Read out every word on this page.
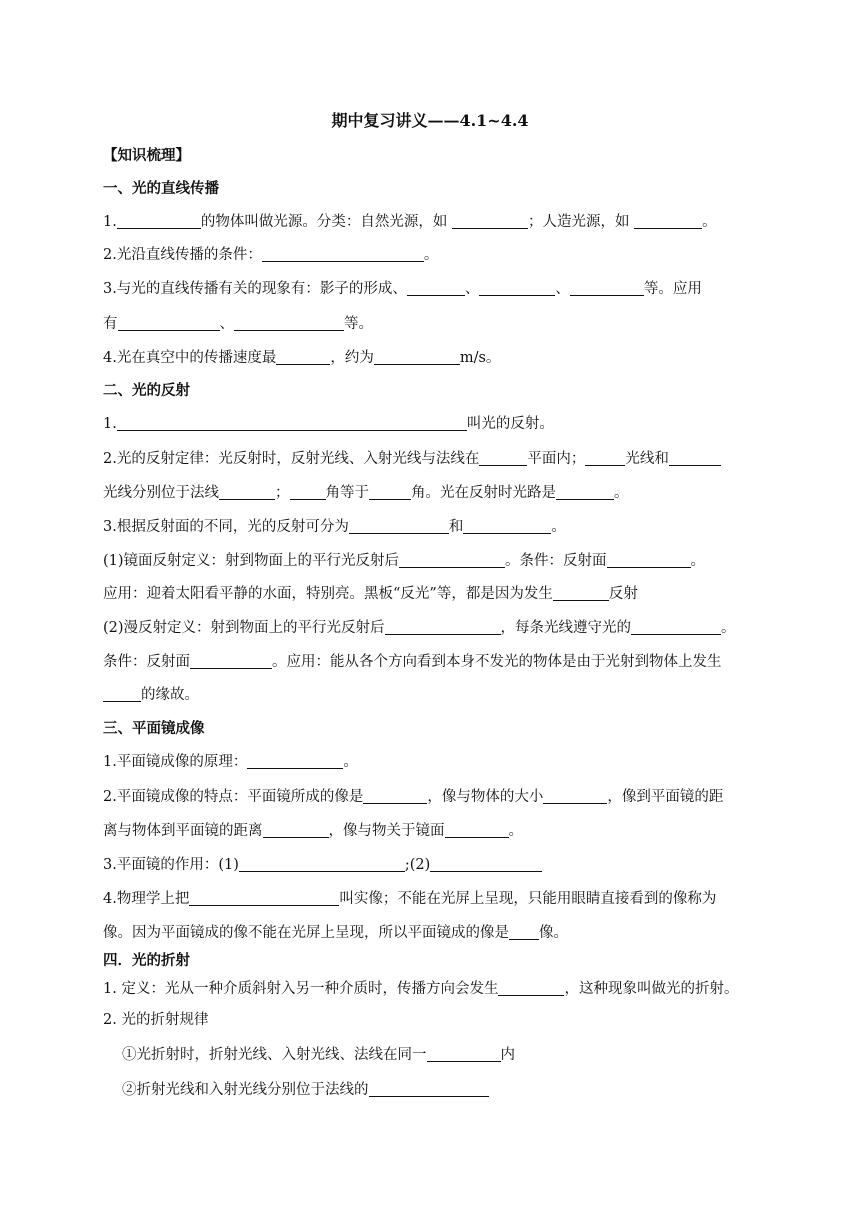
期中复习讲义——4.1~4.4
【知识梳理】
一、光的直线传播
1.	的物体叫做光源。分类：自然光源，如	；人造光源，如	。
2.光沿直线传播的条件：	。
3.与光的直线传播有关的现象有：影子的形成、	、	、	等。应用
有	、	等。
4.光在真空中的传播速度最	，约为	m/s。
二、光的反射
1.	叫光的反射。
2.光的反射定律：光反射时，反射光线、入射光线与法线在	平面内；	光线和
光线分别位于法线	； 角等于	角。光在反射时光路是	。
3.根据反射面的不同，光的反射可分为	和	。
(1)镜面反射定义：射到物面上的平行光反射后	。条件：反射面	。
应用：迎着太阳看平静的水面，特别亮。黑板“反光”等，都是因为发生	反射
(2)漫反射定义：射到物面上的平行光反射后	，每条光线遵守光的	。
条件：反射面	。应用：能从各个方向看到本身不发光的物体是由于光射到物体上发生
的缘故。
三、平面镜成像
1.平面镜成像的原理：	。
2.平面镜成像的特点：平面镜所成的像是	，像与物体的大小	，像到平面镜的距
离与物体到平面镜的距离	，像与物关于镜面	。
3.平面镜的作用：(1)	;(2)
4.物理学上把	叫实像；不能在光屏上呈现，只能用眼睛直接看到的像称为
像。因为平面镜成的像不能在光屏上呈现，所以平面镜成的像是 像。
四．光的折射
1. 定义：光从一种介质斜射入另一种介质时，传播方向会发生	，这种现象叫做光的折射。
2. 光的折射规律
①光折射时，折射光线、入射光线、法线在同一	内
②折射光线和入射光线分别位于法线的
